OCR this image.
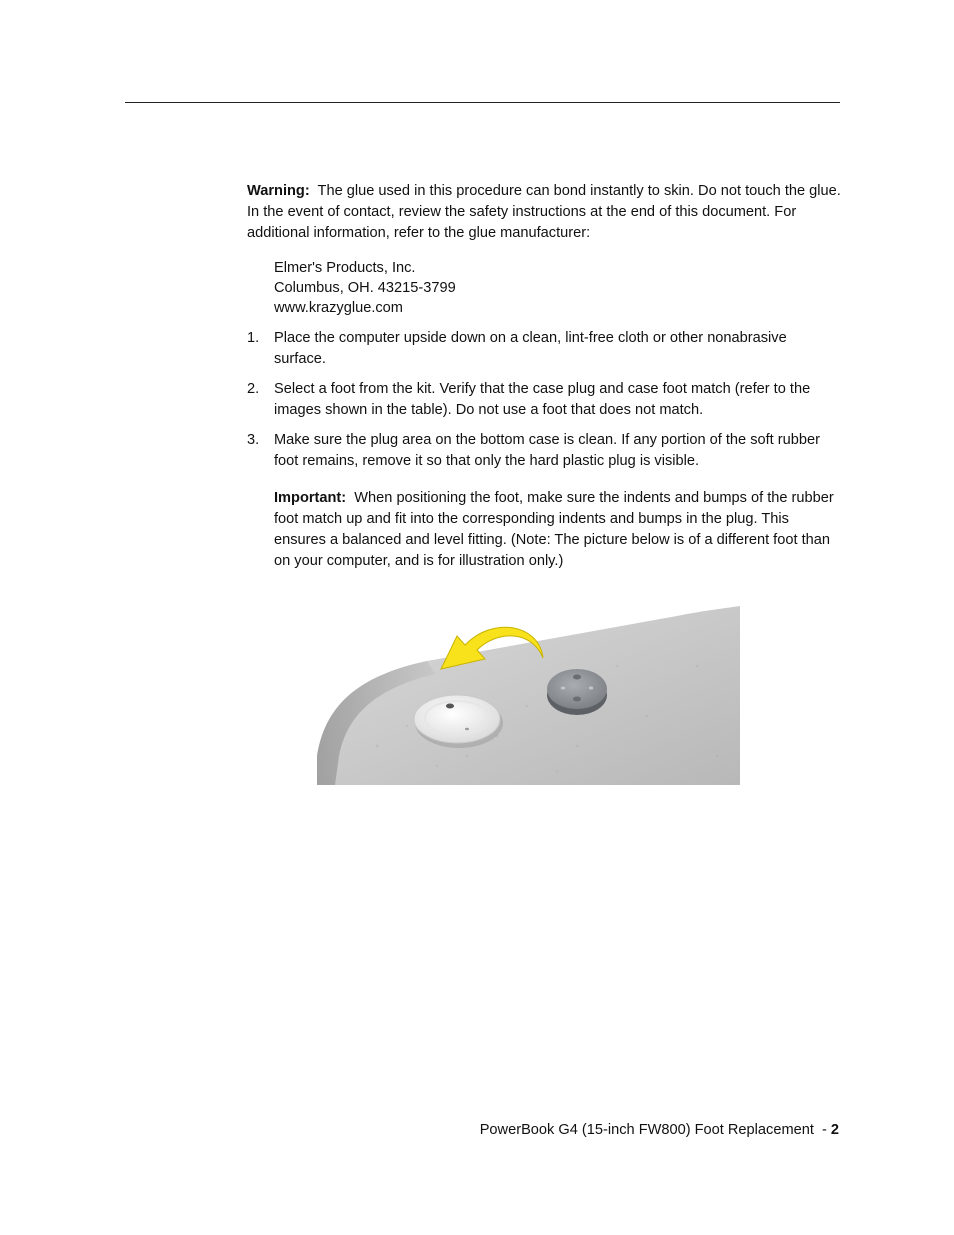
Warning: The glue used in this procedure can bond instantly to skin. Do not touch the glue. In the event of contact, review the safety instructions at the end of this document. For additional information, refer to the glue manufacturer:

Elmer's Products, Inc.
Columbus, OH. 43215-3799
www.krazyglue.com
1. Place the computer upside down on a clean, lint-free cloth or other nonabrasive surface.
2. Select a foot from the kit. Verify that the case plug and case foot match (refer to the images shown in the table). Do not use a foot that does not match.
3. Make sure the plug area on the bottom case is clean. If any portion of the soft rubber foot remains, remove it so that only the hard plastic plug is visible.

Important: When positioning the foot, make sure the indents and bumps of the rubber foot match up and fit into the corresponding indents and bumps in the plug. This ensures a balanced and level fitting. (Note: The picture below is of a different foot than on your computer, and is for illustration only.)

PowerBook G4 (15-inch FW800) Foot Replacement - 2
